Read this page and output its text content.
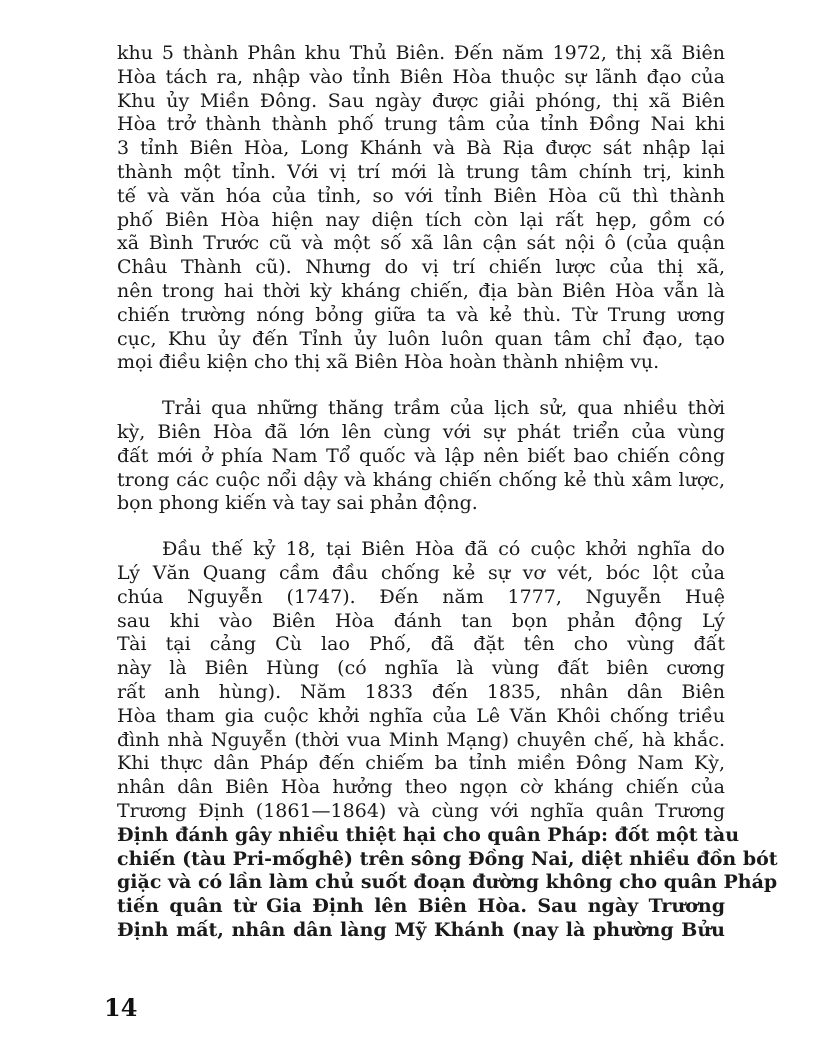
khu 5 thành Phân khu Thủ Biên. Đến năm 1972, thị xã Biên
Hòa tách ra, nhập vào tỉnh Biên Hòa thuộc sự lãnh đạo của
Khu ủy Miền Đông. Sau ngày được giải phóng, thị xã Biên
Hòa trở thành thành phố trung tâm của tỉnh Đồng Nai khi
3 tỉnh Biên Hòa, Long Khánh và Bà Rịa được sát nhập lại
thành một tỉnh. Với vị trí mới là trung tâm chính trị, kinh
tế và văn hóa của tỉnh, so với tỉnh Biên Hòa cũ thì thành
phố Biên Hòa hiện nay diện tích còn lại rất hẹp, gồm có
xã Bình Trước cũ và một số xã lân cận sát nội ô (của quận
Châu Thành cũ). Nhưng do vị trí chiến lược của thị xã,
nên trong hai thời kỳ kháng chiến, địa bàn Biên Hòa vẫn là
chiến trường nóng bỏng giữa ta và kẻ thù. Từ Trung ương
cục, Khu ủy đến Tỉnh ủy luôn luôn quan tâm chỉ đạo, tạo
mọi điều kiện cho thị xã Biên Hòa hoàn thành nhiệm vụ.
Trải qua những thăng trầm của lịch sử, qua nhiều thời
kỳ, Biên Hòa đã lớn lên cùng với sự phát triển của vùng
đất mới ở phía Nam Tổ quốc và lập nên biết bao chiến công
trong các cuộc nổi dậy và kháng chiến chống kẻ thù xâm lược,
bọn phong kiến và tay sai phản động.
Đầu thế kỷ 18, tại Biên Hòa đã có cuộc khởi nghĩa do
Lý Văn Quang cầm đầu chống kẻ sự vơ vét, bóc lột của
chúa Nguyễn (1747). Đến năm 1777, Nguyễn Huệ
sau khi vào Biên Hòa đánh tan bọn phản động Lý
Tài tại cảng Cù lao Phố, đã đặt tên cho vùng đất
này là Biên Hùng (có nghĩa là vùng đất biên cương
rất anh hùng). Năm 1833 đến 1835, nhân dân Biên
Hòa tham gia cuộc khởi nghĩa của Lê Văn Khôi chống triều
đình nhà Nguyễn (thời vua Minh Mạng) chuyên chế, hà khắc.
Khi thực dân Pháp đến chiếm ba tỉnh miền Đông Nam Kỳ,
nhân dân Biên Hòa hưởng theo ngọn cờ kháng chiến của
Trương Định (1861—1864) và cùng với nghĩa quân Trương
Định đánh gây nhiều thiệt hại cho quân Pháp: đốt một tàu
chiến (tàu Pri-mốghê) trên sông Đồng Nai, diệt nhiều đồn bót
giặc và có lần làm chủ suốt đoạn đường không cho quân Pháp
tiến quân từ Gia Định lên Biên Hòa. Sau ngày Trương
Định mất, nhân dân làng Mỹ Khánh (nay là phường Bửu
14
